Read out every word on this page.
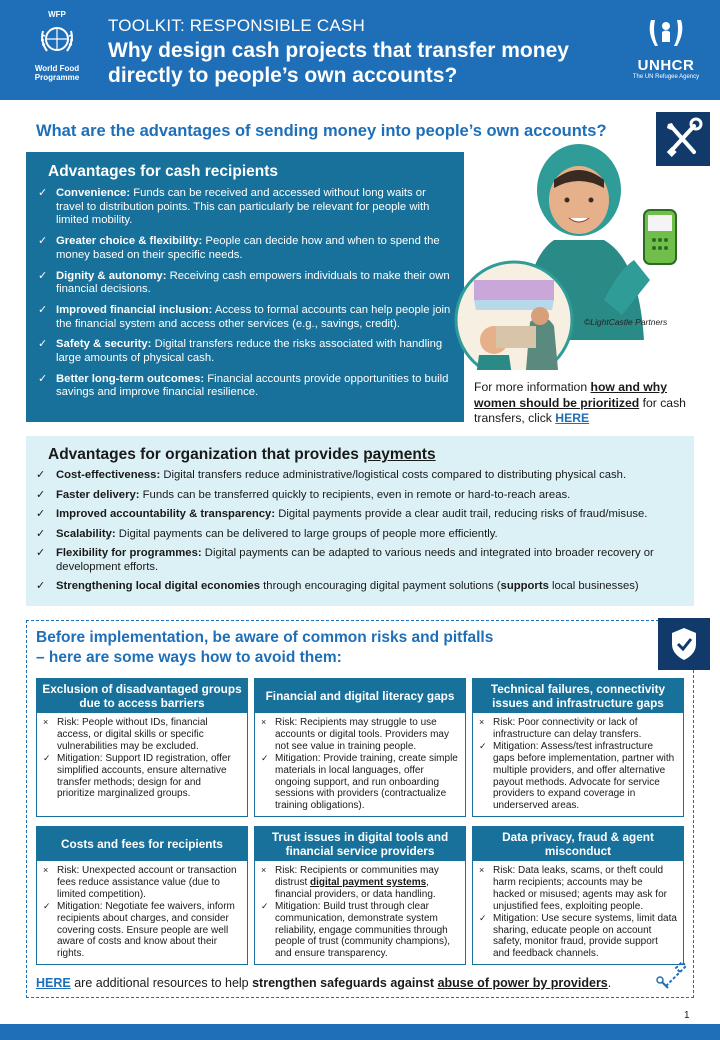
WFP
World Food
Programme
TOOLKIT: RESPONSIBLE CASH
Why design cash projects that transfer money directly to people’s own accounts?	UNHCR
The UN Refugee Agency
What are the advantages of sending money into people’s own accounts?
Advantages for cash recipients
✓ Convenience: Funds can be received and accessed without long waits or travel to distribution points. This can particularly be relevant for people with limited mobility.
✓ Greater choice & flexibility: People can decide how and when to spend the money based on their specific needs.
✓ Dignity & autonomy: Receiving cash empowers individuals to make their own financial decisions.
✓ Improved financial inclusion: Access to formal accounts can help people join the financial system and access other services (e.g., savings, credit).
✓ Safety & security: Digital transfers reduce the risks associated with handling large amounts of physical cash.
✓ Better long-term outcomes: Financial accounts provide opportunities to build savings and improve financial resilience.
©LightCastle Partners
For more information how and why women should be prioritized for cash transfers, click HERE
Advantages for organization that provides payments
✓ Cost-effectiveness: Digital transfers reduce administrative/logistical costs compared to distributing physical cash.
✓ Faster delivery: Funds can be transferred quickly to recipients, even in remote or hard-to-reach areas.
✓ Improved accountability & transparency: Digital payments provide a clear audit trail, reducing risks of fraud/misuse.
✓ Scalability: Digital payments can be delivered to large groups of people more efficiently.
✓ Flexibility for programmes: Digital payments can be adapted to various needs and integrated into broader recovery or development efforts.
✓ Strengthening local digital economies through encouraging digital payment solutions (supports local businesses)
Before implementation, be aware of common risks and pitfalls
– here are some ways how to avoid them:
Exclusion of disadvantaged groups due to access barriers
× Risk: People without IDs, financial access, or digital skills or specific vulnerabilities may be excluded.
✓ Mitigation: Support ID registration, offer simplified accounts, ensure alternative transfer methods; design for and prioritize marginalized groups.
Financial and digital literacy gaps
× Risk: Recipients may struggle to use accounts or digital tools. Providers may not see value in training people.
✓ Mitigation: Provide training, create simple materials in local languages, offer ongoing support, and run onboarding sessions with providers (contractualize training obligations).
Technical failures, connectivity issues and infrastructure gaps
× Risk: Poor connectivity or lack of infrastructure can delay transfers.
✓ Mitigation: Assess/test infrastructure gaps before implementation, partner with multiple providers, and offer alternative payout methods. Advocate for service providers to expand coverage in underserved areas.
Costs and fees for recipients
× Risk: Unexpected account or transaction fees reduce assistance value (due to limited competition).
✓ Mitigation: Negotiate fee waivers, inform recipients about charges, and consider covering costs. Ensure people are well aware of costs and know about their rights.
Trust issues in digital tools and financial service providers
× Risk: Recipients or communities may distrust digital payment systems, financial providers, or data handling.
✓ Mitigation: Build trust through clear communication, demonstrate system reliability, engage communities through people of trust (community champions), and ensure transparency.
Data privacy, fraud & agent misconduct
× Risk: Data leaks, scams, or theft could harm recipients; accounts may be hacked or misused; agents may ask for unjustified fees, exploiting people.
✓ Mitigation: Use secure systems, limit data sharing, educate people on account safety, monitor fraud, provide support and feedback channels.
HERE are additional resources to help strengthen safeguards against abuse of power by providers.
1
